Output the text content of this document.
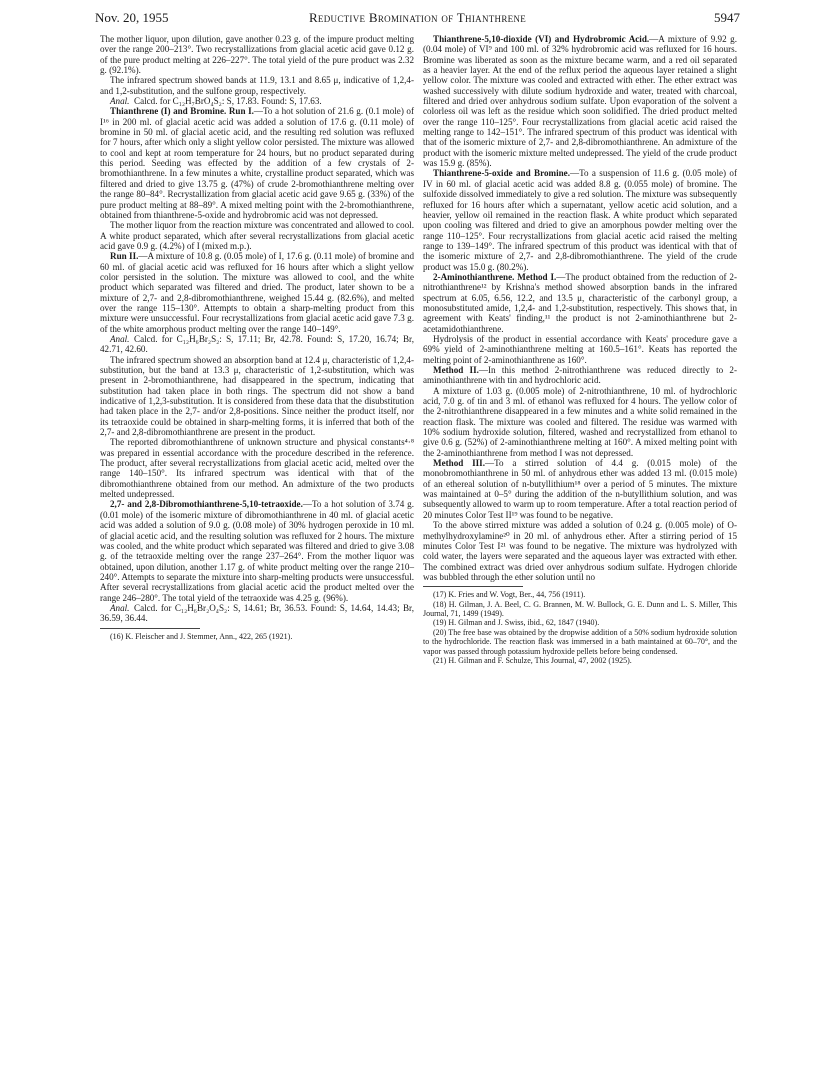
Nov. 20, 1955	Reductive Bromination of Thianthrene	5947

The mother liquor, upon dilution, gave another 0.23 g. of the impure product melting over the range 200–213°. Two recrystallizations from glacial acetic acid gave 0.12 g. of the pure product melting at 226–227°. The total yield of the pure product was 2.32 g. (92.1%).

The infrared spectrum showed bands at 11.9, 13.1 and 8.65 μ, indicative of 1,2,4- and 1,2-substitution, and the sulfone group, respectively.

Anal.  Calcd. for C₁₂H₇BrO₄S₂: S, 17.83. Found: S, 17.63.

Thianthrene (I) and Bromine. Run I.—To a hot solution of 21.6 g. (0.1 mole) of I¹⁶ in 200 ml. of glacial acetic acid was added a solution of 17.6 g. (0.11 mole) of bromine in 50 ml. of glacial acetic acid, and the resulting red solution was refluxed for 7 hours, after which only a slight yellow color persisted. The mixture was allowed to cool and kept at room temperature for 24 hours, but no product separated during this period. Seeding was effected by the addition of a few crystals of 2-bromothianthrene. In a few minutes a white, crystalline product separated, which was filtered and dried to give 13.75 g. (47%) of crude 2-bromothianthrene melting over the range 80–84°. Recrystallization from glacial acetic acid gave 9.65 g. (33%) of the pure product melting at 88–89°. A mixed melting point with the 2-bromothianthrene, obtained from thianthrene-5-oxide and hydrobromic acid was not depressed.

The mother liquor from the reaction mixture was concentrated and allowed to cool. A white product separated, which after several recrystallizations from glacial acetic acid gave 0.9 g. (4.2%) of I (mixed m.p.).

Run II.—A mixture of 10.8 g. (0.05 mole) of I, 17.6 g. (0.11 mole) of bromine and 60 ml. of glacial acetic acid was refluxed for 16 hours after which a slight yellow color persisted in the solution. The mixture was allowed to cool, and the white product which separated was filtered and dried. The product, later shown to be a mixture of 2,7- and 2,8-dibromothianthrene, weighed 15.44 g. (82.6%), and melted over the range 115–130°. Attempts to obtain a sharp-melting product from this mixture were unsuccessful. Four recrystallizations from glacial acetic acid gave 7.3 g. of the white amorphous product melting over the range 140–149°.

Anal.  Calcd. for C₁₂H₆Br₂S₂: S, 17.11; Br, 42.78. Found: S, 17.20, 16.74; Br, 42.71, 42.60.

The infrared spectrum showed an absorption band at 12.4 μ, characteristic of 1,2,4-substitution, but the band at 13.3 μ, characteristic of 1,2-substitution, which was present in 2-bromothianthrene, had disappeared in the spectrum, indicating that substitution had taken place in both rings. The spectrum did not show a band indicative of 1,2,3-substitution. It is considered from these data that the disubstitution had taken place in the 2,7- and/or 2,8-positions. Since neither the product itself, nor its tetraoxide could be obtained in sharp-melting forms, it is inferred that both of the 2,7- and 2,8-dibromothianthrene are present in the product.

The reported dibromothianthrene of unknown structure and physical constants⁴·⁸ was prepared in essential accordance with the procedure described in the reference. The product, after several recrystallizations from glacial acetic acid, melted over the range 140–150°. Its infrared spectrum was identical with that of the dibromothianthrene obtained from our method. An admixture of the two products melted undepressed.

2,7- and 2,8-Dibromothianthrene-5,10-tetraoxide.—To a hot solution of 3.74 g. (0.01 mole) of the isomeric mixture of dibromothianthrene in 40 ml. of glacial acetic acid was added a solution of 9.0 g. (0.08 mole) of 30% hydrogen peroxide in 10 ml. of glacial acetic acid, and the resulting solution was refluxed for 2 hours. The mixture was cooled, and the white product which separated was filtered and dried to give 3.08 g. of the tetraoxide melting over the range 237–264°. From the mother liquor was obtained, upon dilution, another 1.17 g. of white product melting over the range 210–240°. Attempts to separate the mixture into sharp-melting products were unsuccessful. After several recrystallizations from glacial acetic acid the product melted over the range 246–280°. The total yield of the tetraoxide was 4.25 g. (96%).

Anal.  Calcd. for C₁₂H₆Br₂O₄S₂: S, 14.61; Br, 36.53. Found: S, 14.64, 14.43; Br, 36.59, 36.44.

(16) K. Fleischer and J. Stemmer, Ann., 422, 265 (1921).

Thianthrene-5,10-dioxide (VI) and Hydrobromic Acid.—A mixture of 9.92 g. (0.04 mole) of VI⁹ and 100 ml. of 32% hydrobromic acid was refluxed for 16 hours. Bromine was liberated as soon as the mixture became warm, and a red oil separated as a heavier layer. At the end of the reflux period the aqueous layer retained a slight yellow color. The mixture was cooled and extracted with ether. The ether extract was washed successively with dilute sodium hydroxide and water, treated with charcoal, filtered and dried over anhydrous sodium sulfate. Upon evaporation of the solvent a colorless oil was left as the residue which soon solidified. The dried product melted over the range 110–125°. Four recrystallizations from glacial acetic acid raised the melting range to 142–151°. The infrared spectrum of this product was identical with that of the isomeric mixture of 2,7- and 2,8-dibromothianthrene. An admixture of the product with the isomeric mixture melted undepressed. The yield of the crude product was 15.9 g. (85%).

Thianthrene-5-oxide and Bromine.—To a suspension of 11.6 g. (0.05 mole) of IV in 60 ml. of glacial acetic acid was added 8.8 g. (0.055 mole) of bromine. The sulfoxide dissolved immediately to give a red solution. The mixture was subsequently refluxed for 16 hours after which a supernatant, yellow acetic acid solution, and a heavier, yellow oil remained in the reaction flask. A white product which separated upon cooling was filtered and dried to give an amorphous powder melting over the range 110–125°. Four recrystallizations from glacial acetic acid raised the melting range to 139–149°. The infrared spectrum of this product was identical with that of the isomeric mixture of 2,7- and 2,8-dibromothianthrene. The yield of the crude product was 15.0 g. (80.2%).

2-Aminothianthrene. Method I.—The product obtained from the reduction of 2-nitrothianthrene¹² by Krishna's method showed absorption bands in the infrared spectrum at 6.05, 6.56, 12.2, and 13.5 μ, characteristic of the carbonyl group, a monosubstituted amide, 1,2,4- and 1,2-substitution, respectively. This shows that, in agreement with Keats' finding,¹¹ the product is not 2-aminothianthrene but 2-acetamidothianthrene.

Hydrolysis of the product in essential accordance with Keats' procedure gave a 69% yield of 2-aminothianthrene melting at 160.5–161°. Keats has reported the melting point of 2-aminothianthrene as 160°.

Method II.—In this method 2-nitrothianthrene was reduced directly to 2-aminothianthrene with tin and hydrochloric acid.

A mixture of 1.03 g. (0.005 mole) of 2-nitrothianthrene, 10 ml. of hydrochloric acid, 7.0 g. of tin and 3 ml. of ethanol was refluxed for 4 hours. The yellow color of the 2-nitrothianthrene disappeared in a few minutes and a white solid remained in the reaction flask. The mixture was cooled and filtered. The residue was warmed with 10% sodium hydroxide solution, filtered, washed and recrystallized from ethanol to give 0.6 g. (52%) of 2-aminothianthrene melting at 160°. A mixed melting point with the 2-aminothianthrene from method I was not depressed.

Method III.—To a stirred solution of 4.4 g. (0.015 mole) of the monobromothianthrene in 50 ml. of anhydrous ether was added 13 ml. (0.015 mole) of an ethereal solution of n-butyllithium¹⁸ over a period of 5 minutes. The mixture was maintained at 0–5° during the addition of the n-butyllithium solution, and was subsequently allowed to warm up to room temperature. After a total reaction period of 20 minutes Color Test II¹⁹ was found to be negative.

To the above stirred mixture was added a solution of 0.24 g. (0.005 mole) of O-methylhydroxylamine²⁰ in 20 ml. of anhydrous ether. After a stirring period of 15 minutes Color Test I²¹ was found to be negative. The mixture was hydrolyzed with cold water, the layers were separated and the aqueous layer was extracted with ether. The combined extract was dried over anhydrous sodium sulfate. Hydrogen chloride was bubbled through the ether solution until no

(17) K. Fries and W. Vogt, Ber., 44, 756 (1911).

(18) H. Gilman, J. A. Beel, C. G. Brannen, M. W. Bullock, G. E. Dunn and L. S. Miller, This Journal, 71, 1499 (1949).

(19) H. Gilman and J. Swiss, ibid., 62, 1847 (1940).

(20) The free base was obtained by the dropwise addition of a 50% sodium hydroxide solution to the hydrochloride. The reaction flask was immersed in a bath maintained at 60–70°, and the vapor was passed through potassium hydroxide pellets before being condensed.

(21) H. Gilman and F. Schulze, This Journal, 47, 2002 (1925).
